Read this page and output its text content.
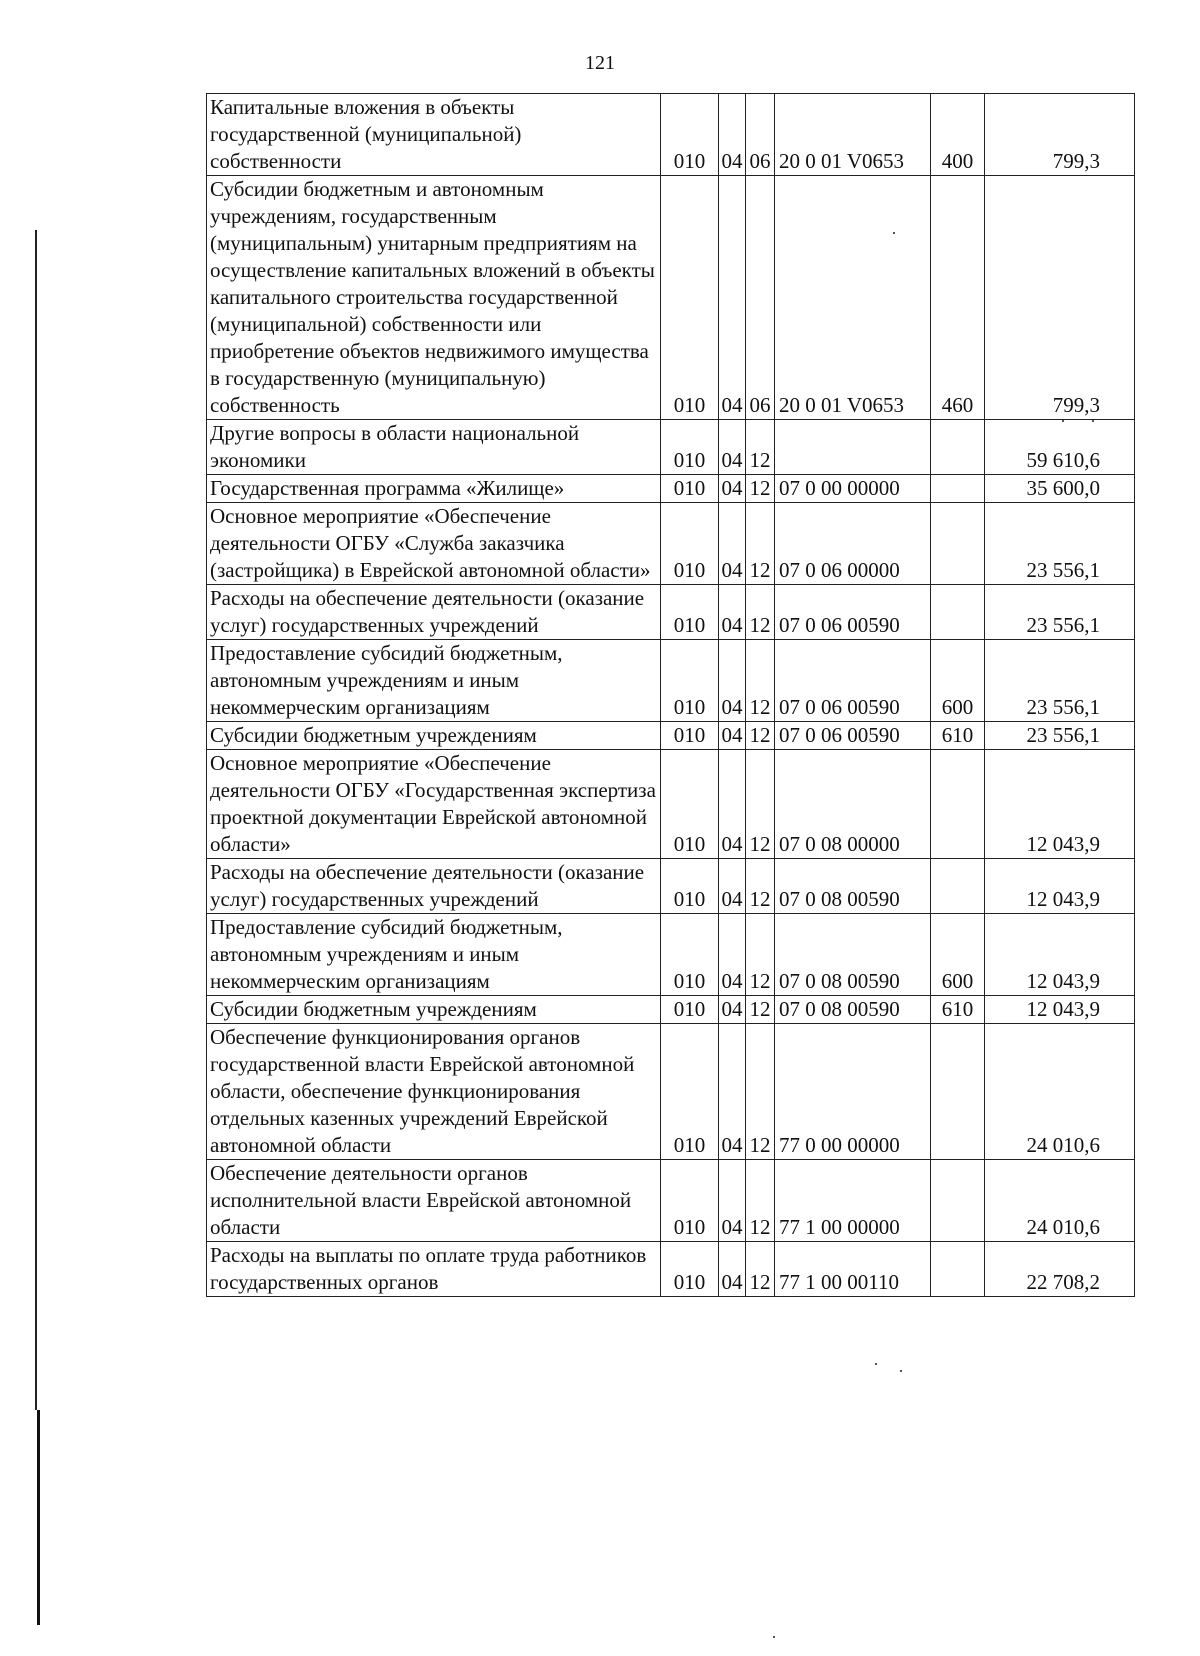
121
Капитальные вложения в объекты государственной (муниципальной) собственности	010	04	06	20 0 01 V0653	400	799,3
Субсидии бюджетным и автономным учреждениям, государственным (муниципальным) унитарным предприятиям на осуществление капитальных вложений в объекты капитального строительства государственной (муниципальной) собственности или приобретение объектов недвижимого имущества в государственную (муниципальную) собственность	010	04	06	20 0 01 V0653	460	799,3
Другие вопросы в области национальной экономики	010	04	12			59 610,6
Государственная программа «Жилище»	010	04	12	07 0 00 00000		35 600,0
Основное мероприятие «Обеспечение деятельности ОГБУ «Служба заказчика (застройщика) в Еврейской автономной области»	010	04	12	07 0 06 00000		23 556,1
Расходы на обеспечение деятельности (оказание услуг) государственных учреждений	010	04	12	07 0 06 00590		23 556,1
Предоставление субсидий бюджетным, автономным учреждениям и иным некоммерческим организациям	010	04	12	07 0 06 00590	600	23 556,1
Субсидии бюджетным учреждениям	010	04	12	07 0 06 00590	610	23 556,1
Основное мероприятие «Обеспечение деятельности ОГБУ «Государственная экспертиза проектной документации Еврейской автономной области»	010	04	12	07 0 08 00000		12 043,9
Расходы на обеспечение деятельности (оказание услуг) государственных учреждений	010	04	12	07 0 08 00590		12 043,9
Предоставление субсидий бюджетным, автономным учреждениям и иным некоммерческим организациям	010	04	12	07 0 08 00590	600	12 043,9
Субсидии бюджетным учреждениям	010	04	12	07 0 08 00590	610	12 043,9
Обеспечение функционирования органов государственной власти Еврейской автономной области, обеспечение функционирования отдельных казенных учреждений Еврейской автономной области	010	04	12	77 0 00 00000		24 010,6
Обеспечение деятельности органов исполнительной власти Еврейской автономной области	010	04	12	77 1 00 00000		24 010,6
Расходы на выплаты по оплате труда работников государственных органов	010	04	12	77 1 00 00110		22 708,2
